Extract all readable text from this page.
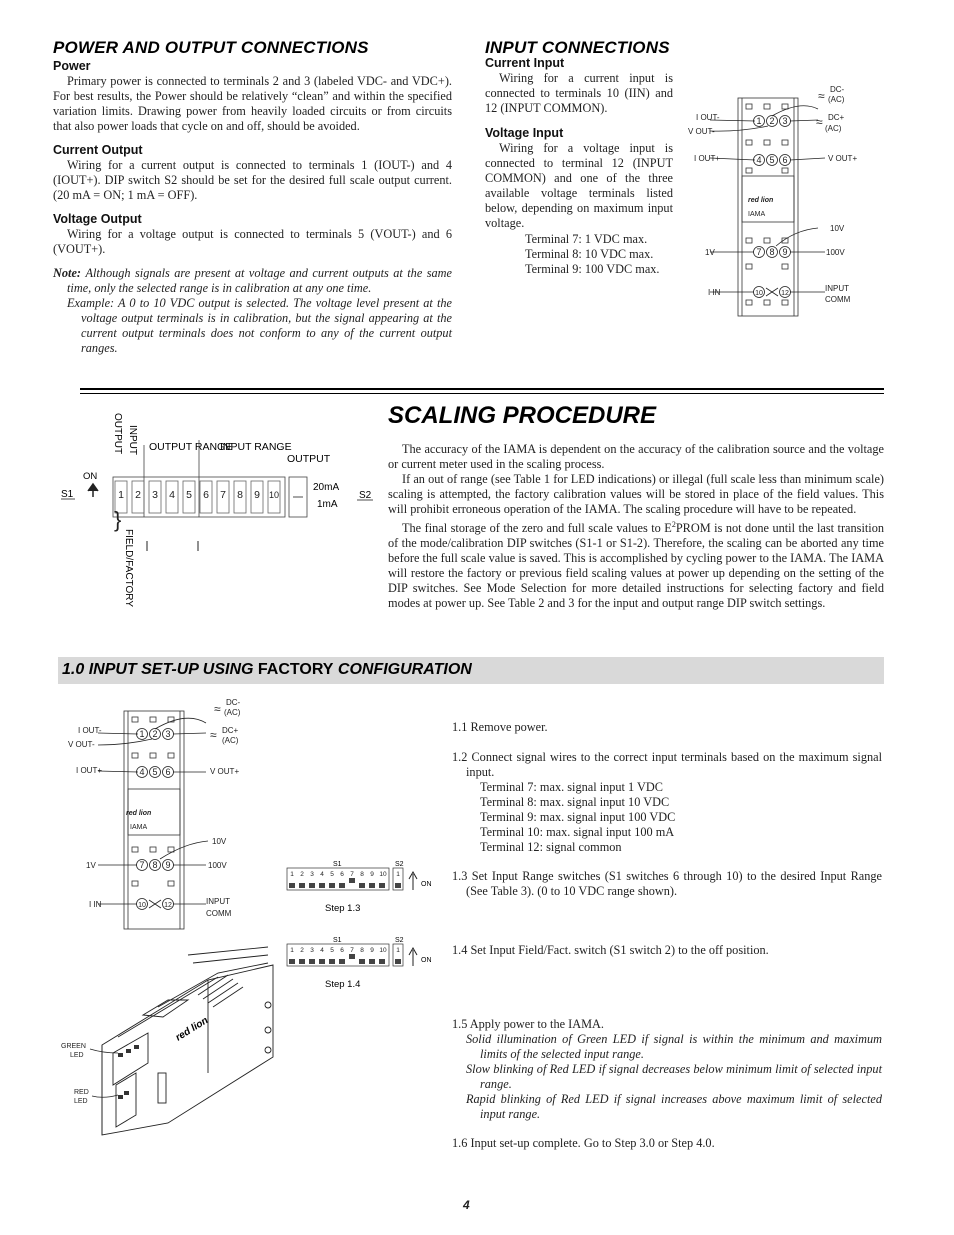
POWER AND OUTPUT CONNECTIONS
Power

Primary power is connected to terminals 2 and 3 (labeled VDC- and VDC+). For best results, the Power should be relatively “clean” and within the specified variation limits. Drawing power from heavily loaded circuits or from circuits that also power loads that cycle on and off, should be avoided.

Current Output

Wiring for a current output is connected to terminals 1 (IOUT-) and 4 (IOUT+). DIP switch S2 should be set for the desired full scale output current. (20 mA = ON; 1 mA = OFF).

Voltage Output

Wiring for a voltage output is connected to terminals 5 (VOUT-) and 6 (VOUT+).

Note: Although signals are present at voltage and current outputs at the same time, only the selected range is in calibration at any one time.

Example: A 0 to 10 VDC output is selected. The voltage level present at the voltage output terminals is in calibration, but the signal appearing at the current output terminals does not conform to any of the current output ranges.

INPUT CONNECTIONS
Current Input

Wiring for a current input is connected to terminals 10 (IIN) and 12 (INPUT COMMON).

Voltage Input

Wiring for a voltage input is connected to terminal 12 (INPUT COMMON) and one of the three available voltage terminals listed below, depending on maximum input voltage.

Terminal 7: 1 VDC max.

Terminal 8: 10 VDC max.

Terminal 9: 100 VDC max.

1 2 3
4 5 6
7 8 9
10	12
DC-
(AC)
DC+
(AC)
I OUT-
V OUT-
I OUT+	V OUT+
10V
1V	100V
I IN	INPUT
COMM
red lion
IAMA
≈
≈
INPUT
OUTPUT OUTPUT RANGE
INPUT RANGE
OUTPUT
ON
S1	1 2 3 4 5 6 7 8 9 10
20mA
1mA
S2
}
FIELD/FACTORY
SCALING PROCEDURE

The accuracy of the IAMA is dependent on the accuracy of the calibration source and the voltage or current meter used in the scaling process.

If an out of range (see Table 1 for LED indications) or illegal (full scale less than minimum scale) scaling is attempted, the factory calibration values will be stored in place of the field values. This will prohibit erroneous operation of the IAMA. The scaling procedure will have to be repeated.

The final storage of the zero and full scale values to $E^2PROM$ is not done until the last transition of the mode/calibration DIP switches (S1-1 or S1-2). Therefore, the scaling can be aborted any time before the full scale value is saved. This is accomplished by cycling power to the IAMA. The IAMA will restore the factory or previous field scaling values at power up depending on the setting of the DIP switches. See Mode Selection for more detailed instructions for selecting factory and field modes at power up. See Table 2 and 3 for the input and output range DIP switch settings.

1.0 INPUT SET-UP USING FACTORY CONFIGURATION
1 2 3
4 5 6
7 8 9
10	12
DC-
(AC)
DC+
(AC)
I OUT-
V OUT-
I OUT+	V OUT+
10V
1V	100V
I IN	INPUT
COMM
red lion
IAMA
≈
≈
S1	S2
1 2 3 4 5 6 7 8 9 10 1
ON
Step 1.3
S1	S2
1 2 3 4 5 6 7 8 9 10 1
ON
Step 1.4
red lion
GREEN
LED
RED
LED

1.1 Remove power.

1.2 Connect signal wires to the correct input terminals based on the maximum signal input.

Terminal 7: max. signal input 1 VDC

Terminal 8: max. signal input 10 VDC

Terminal 9: max. signal input 100 VDC

Terminal 10: max. signal input 100 mA

Terminal 12: signal common

1.3 Set Input Range switches (S1 switches 6 through 10) to the desired Input Range (See Table 3). (0 to 10 VDC range shown).

1.4 Set Input Field/Fact. switch (S1 switch 2) to the off position.

1.5 Apply power to the IAMA.

Solid illumination of Green LED if signal is within the minimum and maximum limits of the selected input range.

Slow blinking of Red LED if signal decreases below minimum limit of selected input range.

Rapid blinking of Red LED if signal increases above maximum limit of selected input range.

1.6 Input set-up complete. Go to Step 3.0 or Step 4.0.

4
